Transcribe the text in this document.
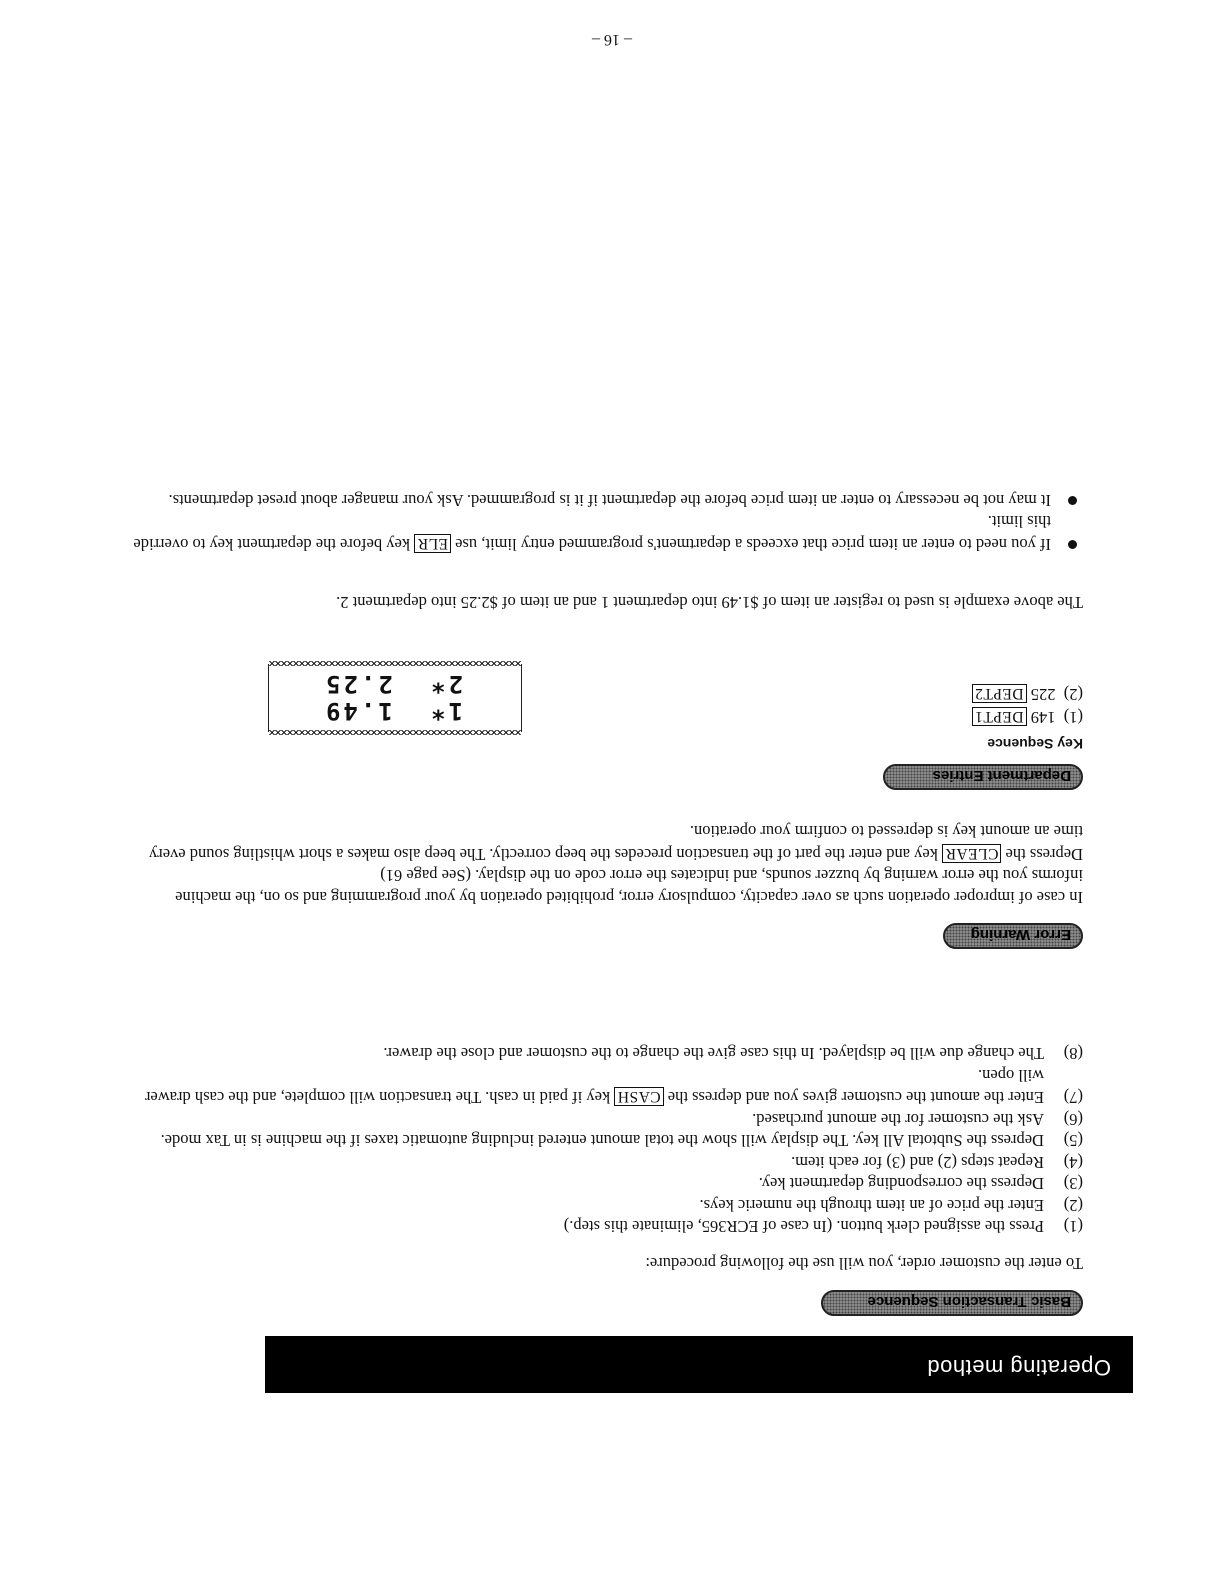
Operating method
Basic Transaction Sequence
To enter the customer order, you will use the following procedure:
(1)
Press the assigned clerk button. (In case of ECR365, eliminate this step.)
(2)
Enter the price of an item through the numeric keys.
(3)
Depress the corresponding department key.
(4)
Repeat steps (2) and (3) for each item.
(5)
Depress the Subtotal All key. The display will show the total amount entered including automatic taxes if the machine is in Tax mode.
(6)
Ask the customer for the amount purchased.
(7)
Enter the amount the customer gives you and depress the CASH key if paid in cash. The transaction will complete, and the cash drawer will open.
(8)
The change due will be displayed. In this case give the change to the customer and close the drawer.
Error Warning
In case of improper operation such as over capacity, compulsory error, prohibited operation by your programming and so on, the machine informs you the error warning by buzzer sounds, and indicates the error code on the display. (See page 61)
Depress the CLEAR key and enter the part of the transaction precedes the beep correctly. The beep also makes a short whistling sound every time an amount key is depressed to confirm your operation.
Department Entries
Key Sequence
(1)  149 DEPT1
(2)  225 DEPT2
1*
1.49
2*
2.25
The above example is used to register an item of $1.49 into department 1 and an item of $2.25 into department 2.
If you need to enter an item price that exceeds a department's programmed entry limit, use ELR key before the department key to override this limit.
It may not be necessary to enter an item price before the department if it is programmed. Ask your manager about preset departments.
– 16 –
